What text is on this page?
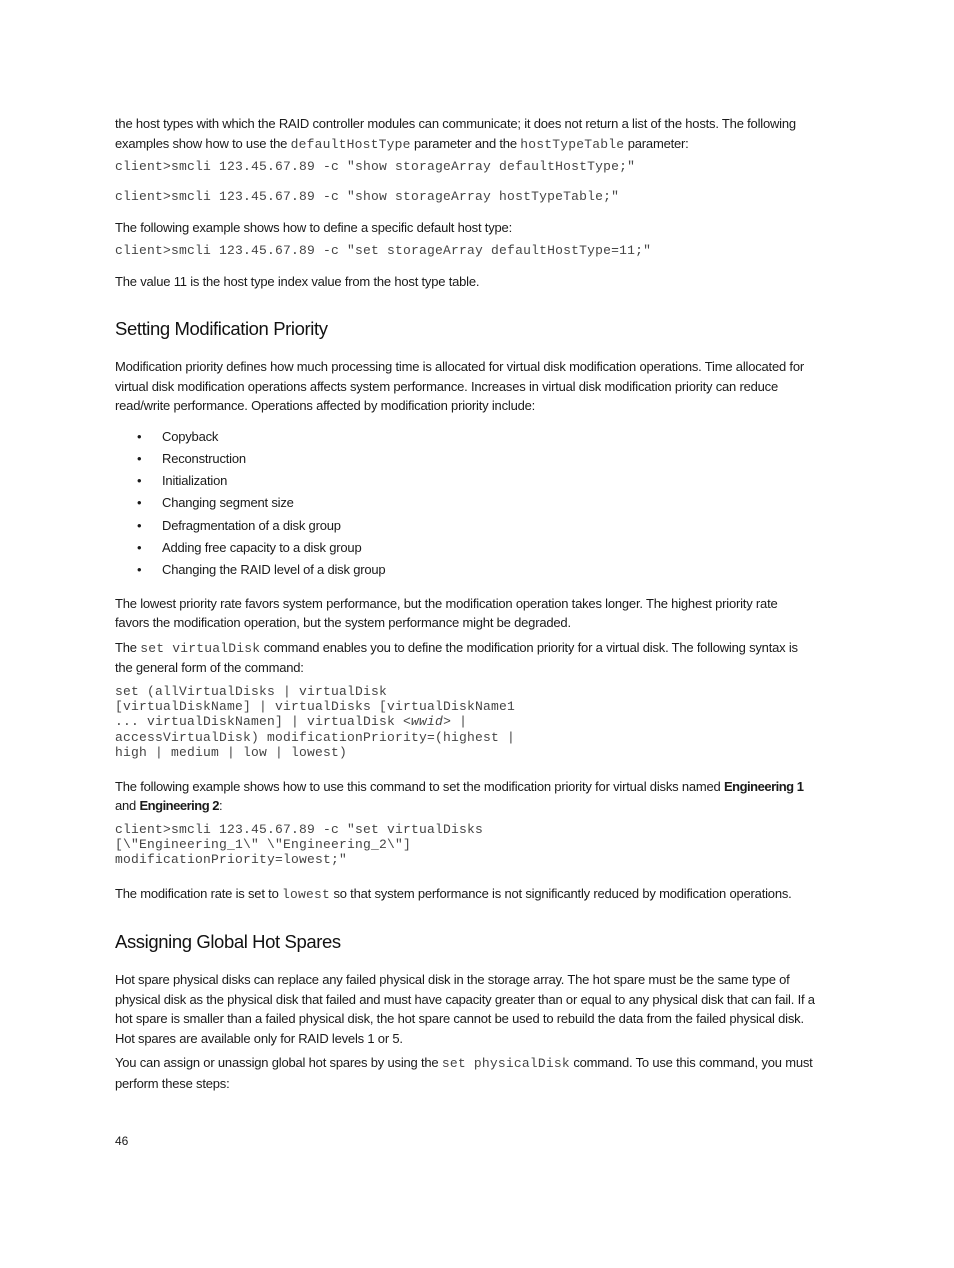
the host types with which the RAID controller modules can communicate; it does not return a list of the hosts. The following examples show how to use the defaultHostType parameter and the hostTypeTable parameter:

client>smcli 123.45.67.89 -c "show storageArray defaultHostType;"
client>smcli 123.45.67.89 -c "show storageArray hostTypeTable;"

The following example shows how to define a specific default host type:

client>smcli 123.45.67.89 -c "set storageArray defaultHostType=11;"

The value 11 is the host type index value from the host type table.

Setting Modification Priority

Modification priority defines how much processing time is allocated for virtual disk modification operations. Time allocated for virtual disk modification operations affects system performance. Increases in virtual disk modification priority can reduce read/write performance. Operations affected by modification priority include:

• Copyback
• Reconstruction
• Initialization
• Changing segment size
• Defragmentation of a disk group
• Adding free capacity to a disk group
• Changing the RAID level of a disk group

The lowest priority rate favors system performance, but the modification operation takes longer. The highest priority rate favors the modification operation, but the system performance might be degraded.

The set virtualDisk command enables you to define the modification priority for a virtual disk. The following syntax is the general form of the command:

set (allVirtualDisks | virtualDisk
[virtualDiskName] | virtualDisks [virtualDiskName1
... virtualDiskNamen] | virtualDisk <wwid> |
accessVirtualDisk) modificationPriority=(highest |
high | medium | low | lowest)

The following example shows how to use this command to set the modification priority for virtual disks named Engineering 1 and Engineering 2:

client>smcli 123.45.67.89 -c "set virtualDisks
[\"Engineering_1\" \"Engineering_2\"]
modificationPriority=lowest;"

The modification rate is set to lowest so that system performance is not significantly reduced by modification operations.

Assigning Global Hot Spares

Hot spare physical disks can replace any failed physical disk in the storage array. The hot spare must be the same type of physical disk as the physical disk that failed and must have capacity greater than or equal to any physical disk that can fail. If a hot spare is smaller than a failed physical disk, the hot spare cannot be used to rebuild the data from the failed physical disk. Hot spares are available only for RAID levels 1 or 5.

You can assign or unassign global hot spares by using the set physicalDisk command. To use this command, you must perform these steps:

46
